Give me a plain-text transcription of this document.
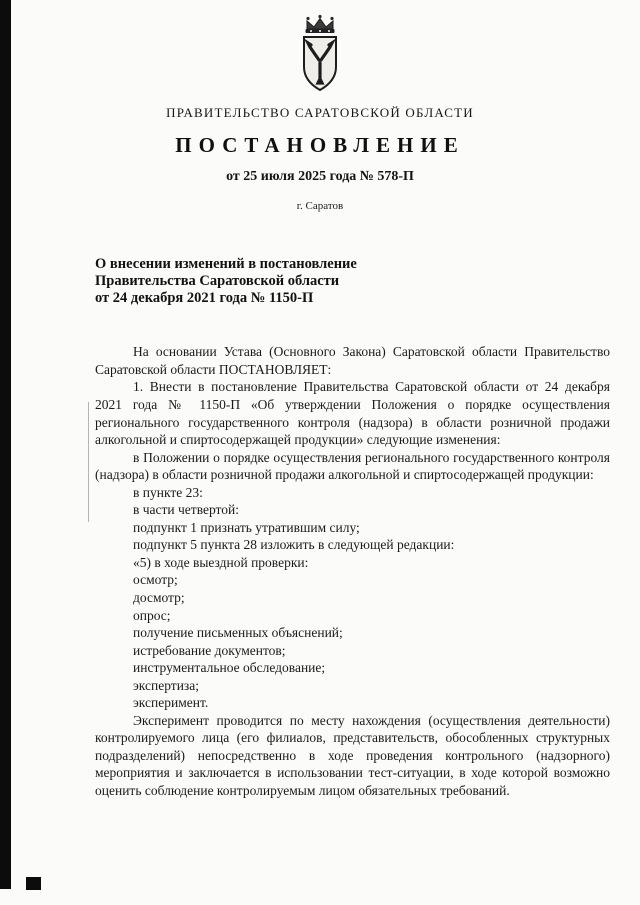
ПРАВИТЕЛЬСТВО САРАТОВСКОЙ ОБЛАСТИ
ПОСТАНОВЛЕНИЕ
от 25 июля 2025 года № 578-П
г. Саратов
О внесении изменений в постановление
Правительства Саратовской области
от 24 декабря 2021 года № 1150-П

На основании Устава (Основного Закона) Саратовской области Правительство Саратовской области ПОСТАНОВЛЯЕТ:

1. Внести в постановление Правительства Саратовской области от 24 декабря 2021 года № 1150-П «Об утверждении Положения о порядке осуществления регионального государственного контроля (надзора) в области розничной продажи алкогольной и спиртосодержащей продукции» следующие изменения:

в Положении о порядке осуществления регионального государственного контроля (надзора) в области розничной продажи алкогольной и спиртосодержащей продукции:

в пункте 23:

в части четвертой:

подпункт 1 признать утратившим силу;

подпункт 5 пункта 28 изложить в следующей редакции:

«5) в ходе выездной проверки:

осмотр;

досмотр;

опрос;

получение письменных объяснений;

истребование документов;

инструментальное обследование;

экспертиза;

эксперимент.

Эксперимент проводится по месту нахождения (осуществления деятельности) контролируемого лица (его филиалов, представительств, обособленных структурных подразделений) непосредственно в ходе проведения контрольного (надзорного) мероприятия и заключается в использовании тест-ситуации, в ходе которой возможно оценить соблюдение контролируемым лицом обязательных требований.
